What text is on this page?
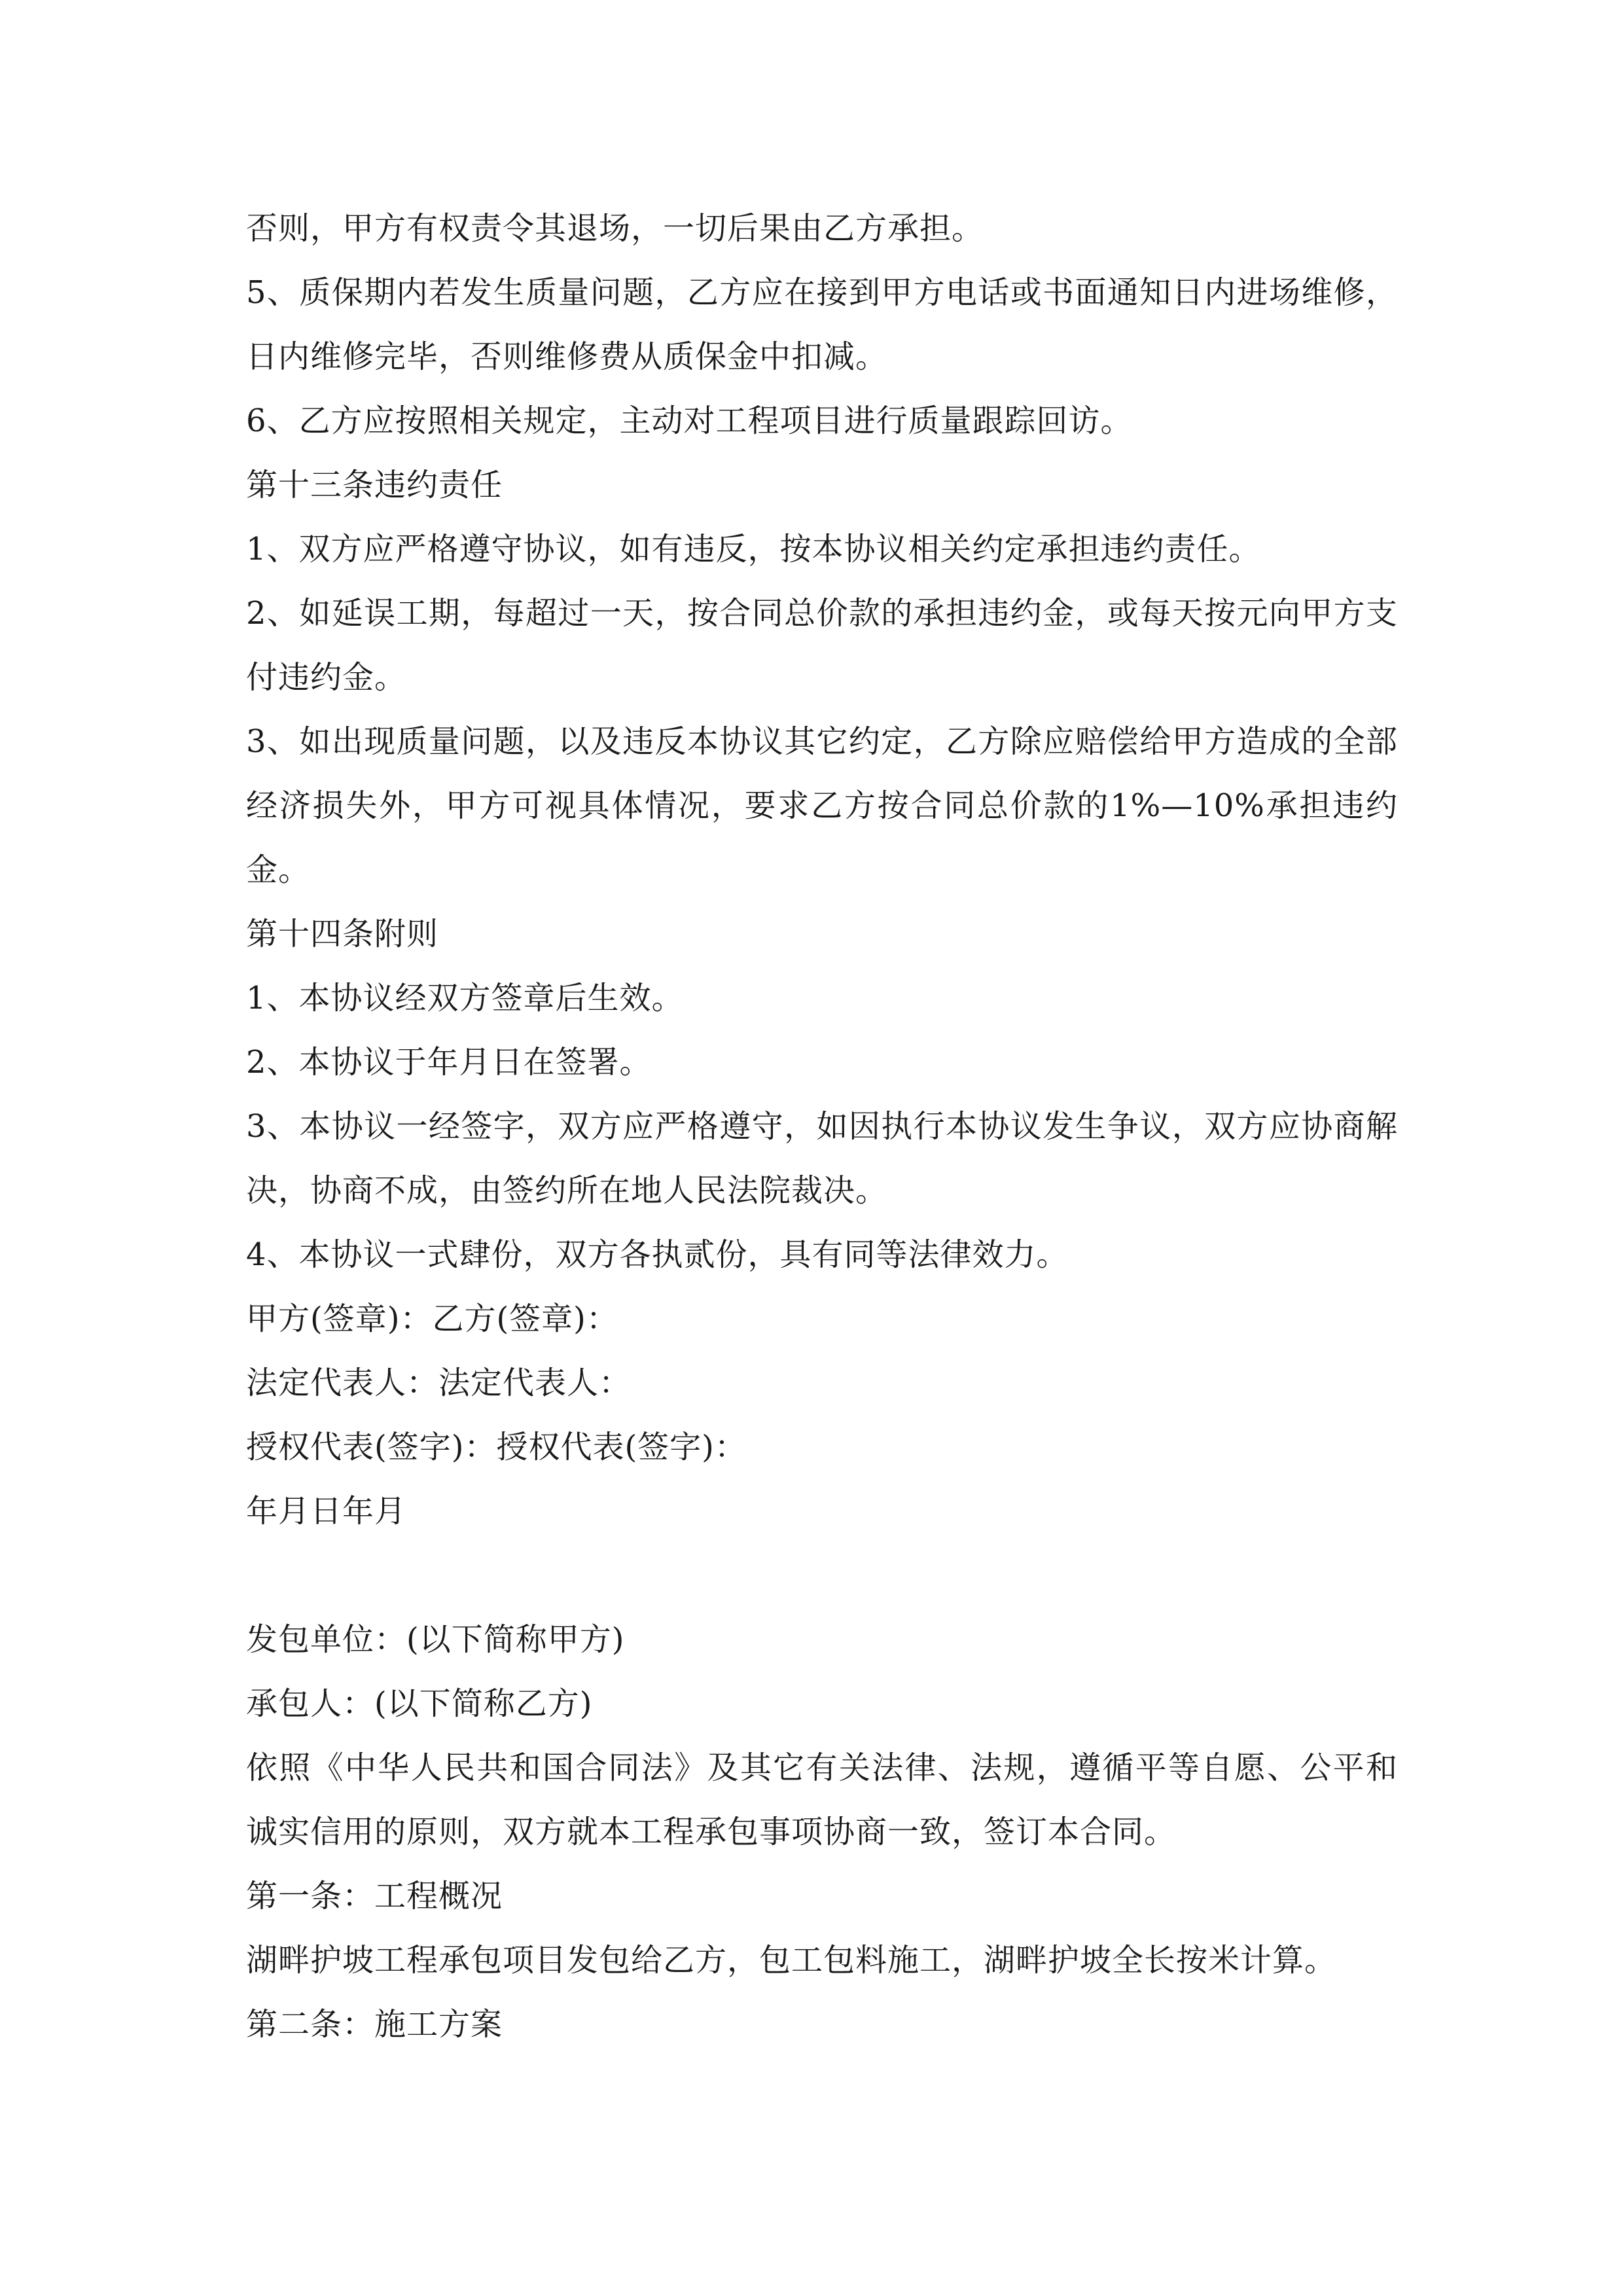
否则，甲方有权责令其退场，一切后果由乙方承担。

5、质保期内若发生质量问题，乙方应在接到甲方电话或书面通知日内进场维修，日内维修完毕，否则维修费从质保金中扣减。

6、乙方应按照相关规定，主动对工程项目进行质量跟踪回访。

第十三条违约责任

1、双方应严格遵守协议，如有违反，按本协议相关约定承担违约责任。

2、如延误工期，每超过一天，按合同总价款的承担违约金，或每天按元向甲方支付违约金。

3、如出现质量问题，以及违反本协议其它约定，乙方除应赔偿给甲方造成的全部经济损失外，甲方可视具体情况，要求乙方按合同总价款的1%—10%承担违约金。

第十四条附则

1、本协议经双方签章后生效。

2、本协议于年月日在签署。

3、本协议一经签字，双方应严格遵守，如因执行本协议发生争议，双方应协商解决，协商不成，由签约所在地人民法院裁决。

4、本协议一式肆份，双方各执贰份，具有同等法律效力。

甲方(签章)：乙方(签章)：

法定代表人：法定代表人：

授权代表(签字)：授权代表(签字)：

年月日年月

发包单位：(以下简称甲方)

承包人：(以下简称乙方)

依照《中华人民共和国合同法》及其它有关法律、法规，遵循平等自愿、公平和诚实信用的原则，双方就本工程承包事项协商一致，签订本合同。

第一条：工程概况

湖畔护坡工程承包项目发包给乙方，包工包料施工，湖畔护坡全长按米计算。

第二条：施工方案
